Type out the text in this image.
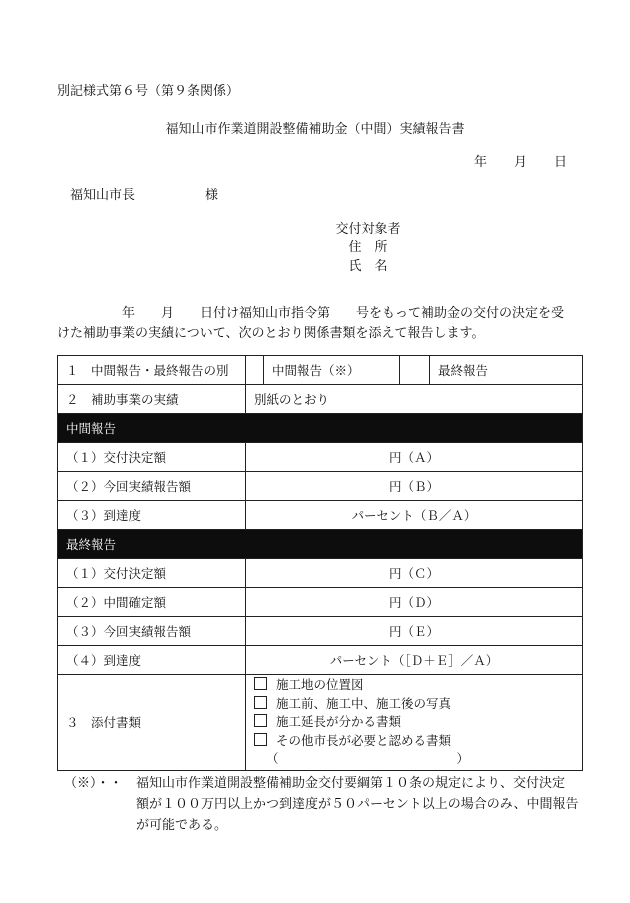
別記様式第６号（第９条関係）
福知山市作業道開設整備補助金（中間）実績報告書
年 月 日
福知山市長	様
交付対象者
住　所
氏　名
年 月 日付け福知山市指令第 号をもって補助金の交付の決定を受
けた補助事業の実績について、次のとおり関係書類を添えて報告します。
１　中間報告・最終報告の別		中間報告（※）		最終報告
２　補助事業の実績	別紙のとおり			
中間報告				
（１）交付決定額	円（Ａ）			
（２）今回実績報告額	円（Ｂ）			
（３）到達度	パーセント（Ｂ／Ａ）			
最終報告				
（１）交付決定額	円（Ｃ）			
（２）中間確定額	円（Ｄ）			
（３）今回実績報告額	円（Ｅ）			
（４）到達度	パーセント（［Ｄ＋Ｅ］／Ａ）			
３　添付書類	施工地の位置図
施工前、施工中、施工後の写真
施工延長が分かる書類
その他市長が必要と認める書類
（ ）			
（※）・・ 福知山市作業道開設整備補助金交付要綱第１０条の規定により、交付決定
額が１００万円以上かつ到達度が５０パーセント以上の場合のみ、中間報告
が可能である。
